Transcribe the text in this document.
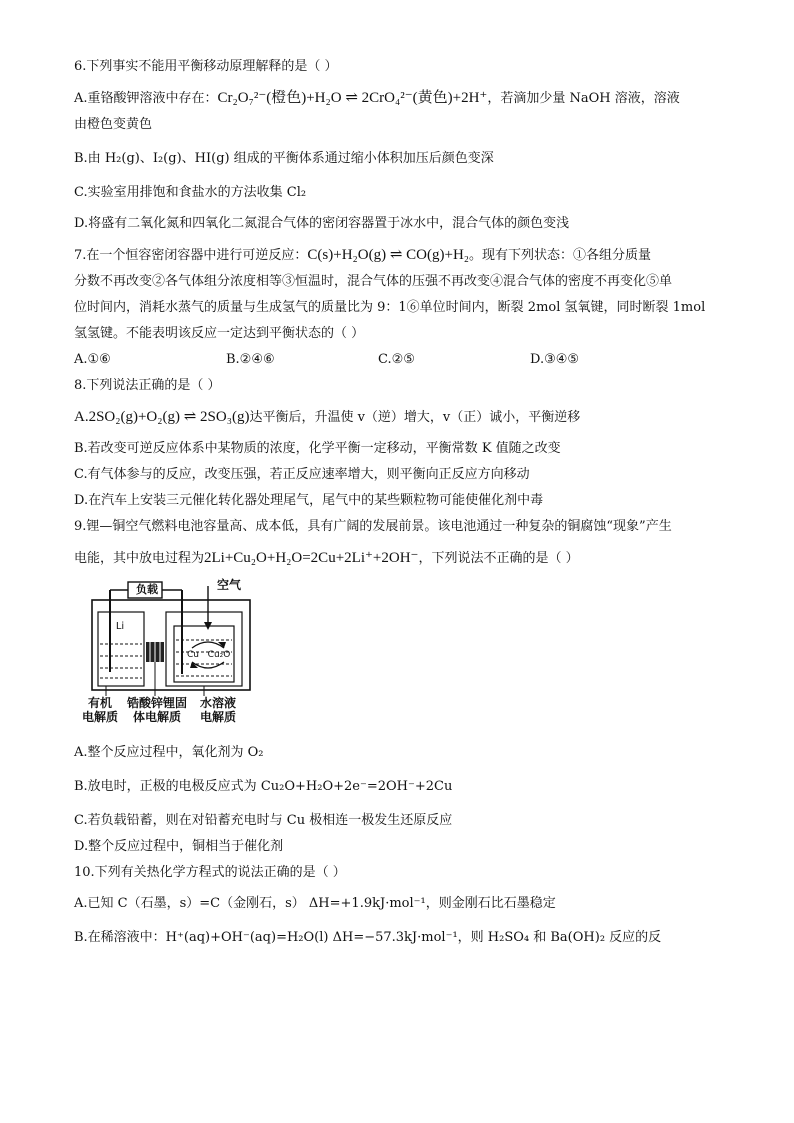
6.下列事实不能用平衡移动原理解释的是（ ）
A.重铬酸钾溶液中存在：Cr₂O₇²⁻(橙色)+H₂O ⇌ 2CrO₄²⁻(黄色)+2H⁺，若滴加少量 NaOH 溶液，溶液
由橙色变黄色
B.由 H₂(g)、I₂(g)、HI(g) 组成的平衡体系通过缩小体积加压后颜色变深
C.实验室用排饱和食盐水的方法收集 Cl₂
D.将盛有二氧化氮和四氧化二氮混合气体的密闭容器置于冰水中，混合气体的颜色变浅
7.在一个恒容密闭容器中进行可逆反应：C(s)+H₂O(g) ⇌ CO(g)+H₂。现有下列状态：①各组分质量
分数不再改变②各气体组分浓度相等③恒温时，混合气体的压强不再改变④混合气体的密度不再变化⑤单
位时间内，消耗水蒸气的质量与生成氢气的质量比为 9：1⑥单位时间内，断裂 2mol 氢氧键，同时断裂 1mol
氢氢键。不能表明该反应一定达到平衡状态的（ ）
A.①⑥	B.②④⑥	C.②⑤	D.③④⑤
8.下列说法正确的是（ ）
A.2SO₂(g)+O₂(g) ⇌ 2SO₃(g)达平衡后，升温使 v（逆）增大，v（正）诚小，平衡逆移
B.若改变可逆反应体系中某物质的浓度，化学平衡一定移动，平衡常数 K 值随之改变
C.有气体参与的反应，改变压强，若正反应速率增大，则平衡向正反应方向移动
D.在汽车上安装三元催化转化器处理尾气，尾气中的某些颗粒物可能使催化剂中毒
9.锂—铜空气燃料电池容量高、成本低，具有广阔的发展前景。该电池通过一种复杂的铜腐蚀“现象”产生
电能，其中放电过程为2Li+Cu₂O+H₂O=2Cu+2Li⁺+2OH⁻，下列说法不正确的是（ ）
负载	空气
Li
Cu Cu₂O
有机
电解质
锆酸锌锂固
体电解质
水溶液
电解质
A.整个反应过程中，氧化剂为 O₂
B.放电时，正极的电极反应式为 Cu₂O+H₂O+2e⁻=2OH⁻+2Cu
C.若负载铅蓄，则在对铅蓄充电时与 Cu 极相连一极发生还原反应
D.整个反应过程中，铜相当于催化剂
10.下列有关热化学方程式的说法正确的是（ ）
A.已知 C（石墨，s）=C（金刚石，s） ΔH=+1.9kJ·mol⁻¹，则金刚石比石墨稳定
B.在稀溶液中：H⁺(aq)+OH⁻(aq)=H₂O(l) ΔH=−57.3kJ·mol⁻¹，则 H₂SO₄ 和 Ba(OH)₂ 反应的反
